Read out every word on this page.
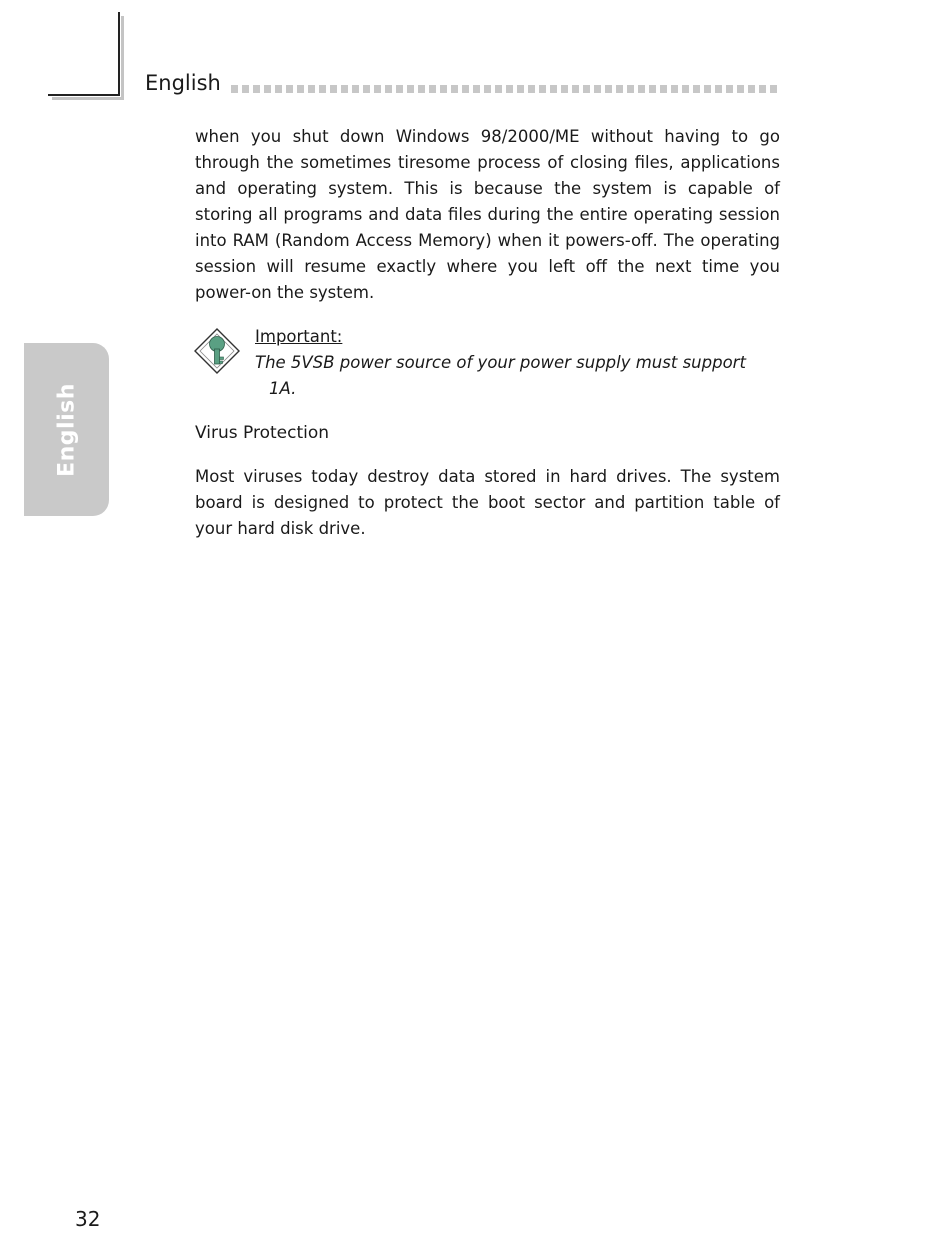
English
English

when you shut down Windows 98/2000/ME without having to go through the sometimes tiresome process of closing files, applications and operating system. This is because the system is capable of storing all programs and data files during the entire operating session into RAM (Random Access Memory) when it powers-off. The operating session will resume exactly where you left off the next time you power-on the system.

Important:
The 5VSB power source of your power supply must support
1A.
Virus Protection

Most viruses today destroy data stored in hard drives. The system board is designed to protect the boot sector and partition table of your hard disk drive.

32
